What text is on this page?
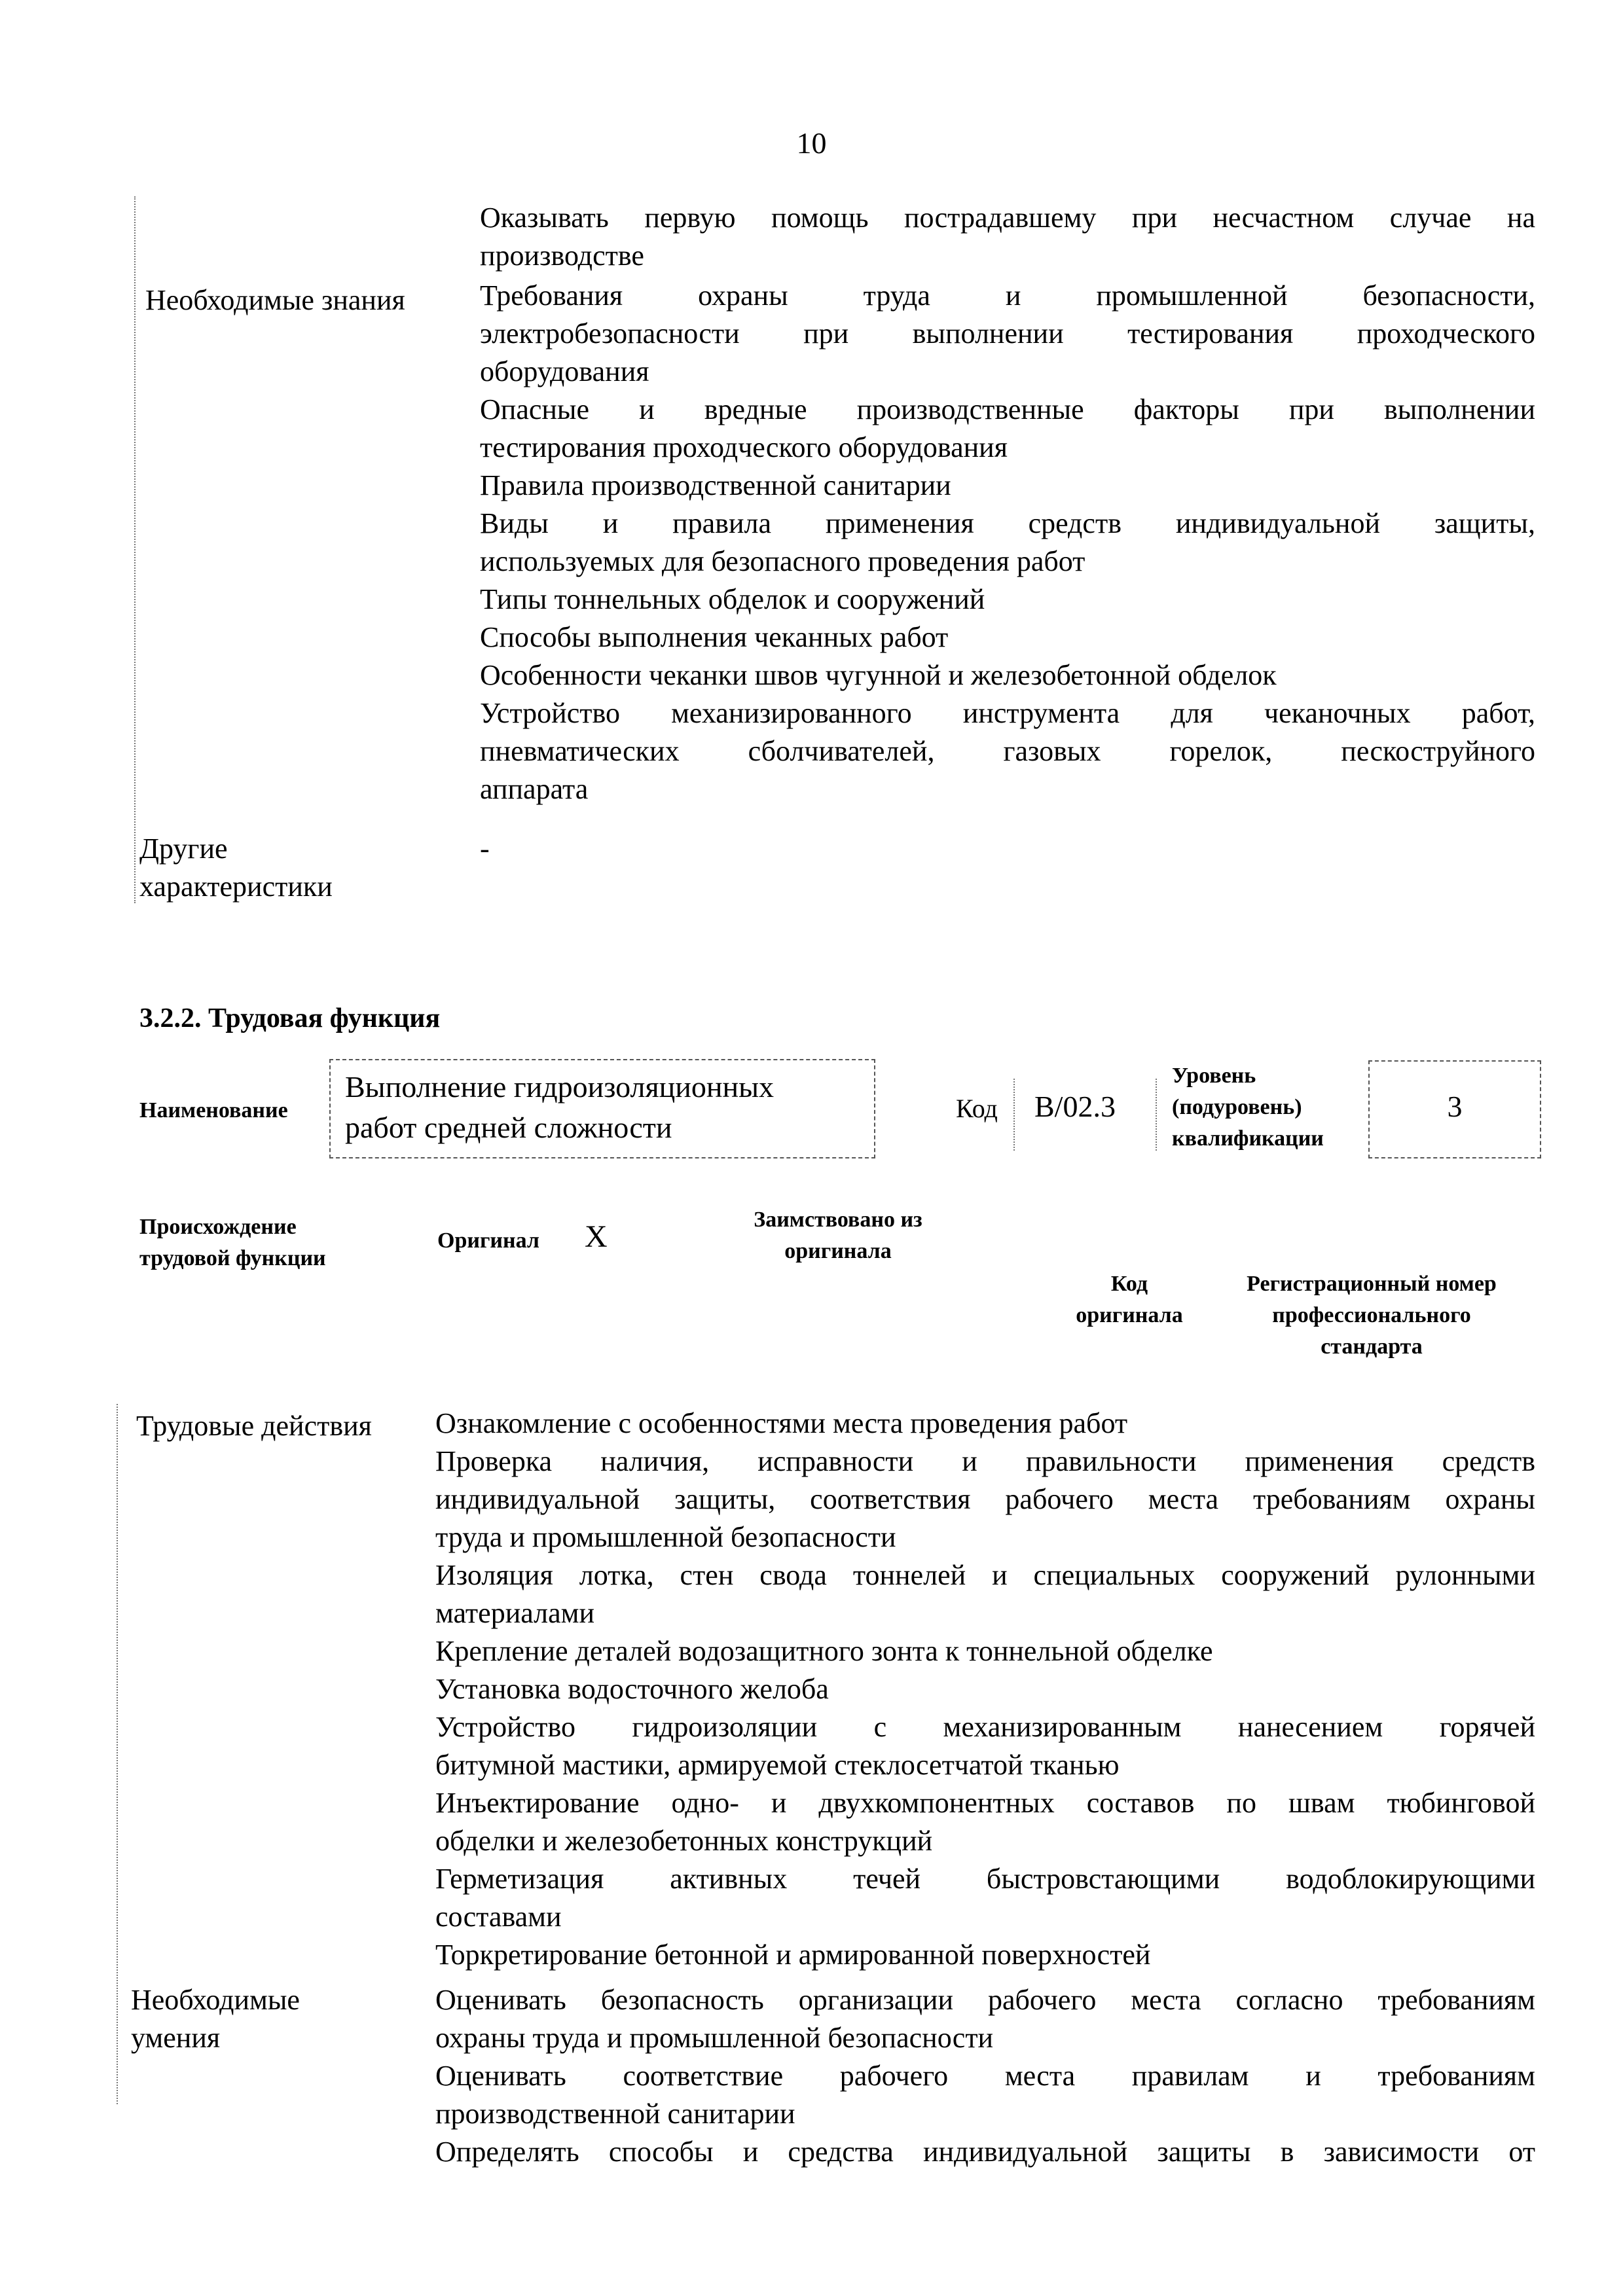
10
Оказывать первую помощь пострадавшему при несчастном случае на
производстве
Необходимые знания	Требования охраны труда и промышленной безопасности,
электробезопасности при выполнении тестирования проходческого
оборудования
Опасные и вредные производственные факторы при выполнении
тестирования проходческого оборудования
Правила производственной санитарии
Виды и правила применения средств индивидуальной защиты,
используемых для безопасного проведения работ
Типы тоннельных обделок и сооружений
Способы выполнения чеканных работ
Особенности чеканки швов чугунной и железобетонной обделок
Устройство механизированного инструмента для чеканочных работ,
пневматических сболчивателей, газовых горелок, пескоструйного
аппарата
Другие
характеристики
-
3.2.2. Трудовая функция
Наименование
Выполнение гидроизоляционных
работ средней сложности
Код B/02.3
Уровень
(подуровень)
квалификации
3
Происхождение
трудовой функции
Оригинал X	Заимствовано из
оригинала
Код
оригинала
Регистрационный номер
профессионального
стандарта
Трудовые действия Ознакомление с особенностями места проведения работ
Проверка наличия, исправности и правильности применения средств
индивидуальной защиты, соответствия рабочего места требованиям охраны
труда и промышленной безопасности
Изоляция лотка, стен свода тоннелей и специальных сооружений рулонными
материалами
Крепление деталей водозащитного зонта к тоннельной обделке
Установка водосточного желоба
Устройство гидроизоляции с механизированным нанесением горячей
битумной мастики, армируемой стеклосетчатой тканью
Инъектирование одно- и двухкомпонентных составов по швам тюбинговой
обделки и железобетонных конструкций
Герметизация активных течей быстровстающими водоблокирующими
составами
Торкретирование бетонной и армированной поверхностей
Необходимые
умения
Оценивать безопасность организации рабочего места согласно требованиям
охраны труда и промышленной безопасности
Оценивать соответствие рабочего места правилам и требованиям
производственной санитарии
Определять способы и средства индивидуальной защиты в зависимости от
